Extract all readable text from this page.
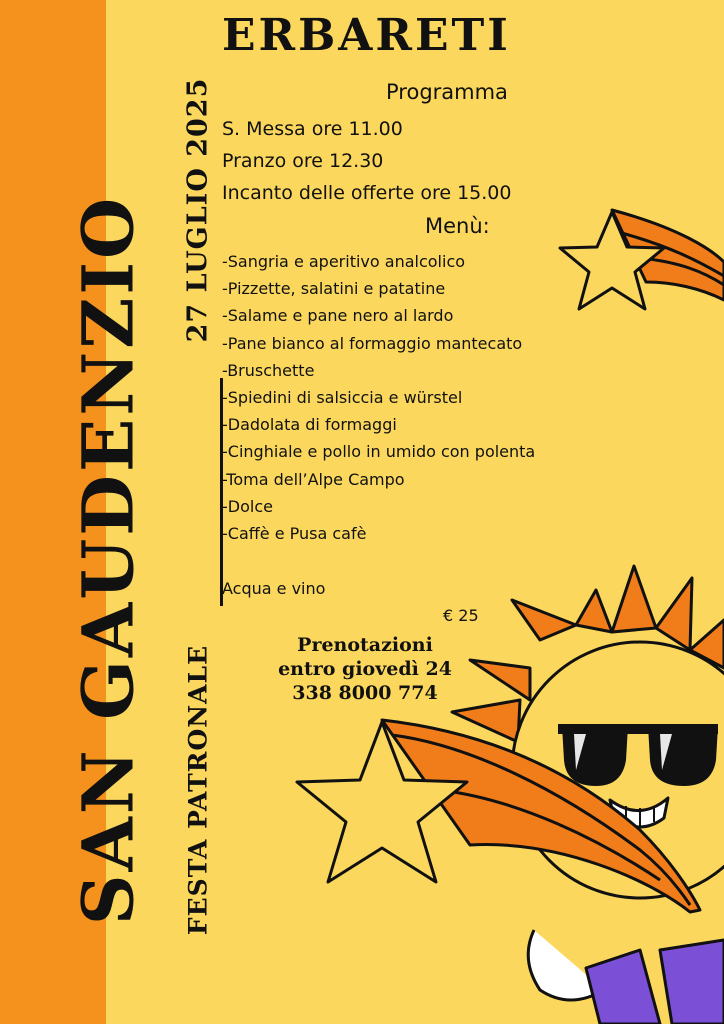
SAN GAUDENZIO 27 LUGLIO 2025
FESTA PATRONALE
ERBARETI
Programma
S. Messa ore 11.00
Pranzo ore 12.30
Incanto delle offerte ore 15.00
Menù:
-Sangria e aperitivo analcolico
-Pizzette, salatini e patatine
-Salame e pane nero al lardo
-Pane bianco al formaggio mantecato
-Bruschette
-Spiedini di salsiccia e würstel
-Dadolata di formaggi
-Cinghiale e pollo in umido con polenta
-Toma dell’Alpe Campo
-Dolce
-Caffè e Pusa cafè
Acqua e vino
€ 25
Prenotazioni
entro giovedì 24
338 8000 774
